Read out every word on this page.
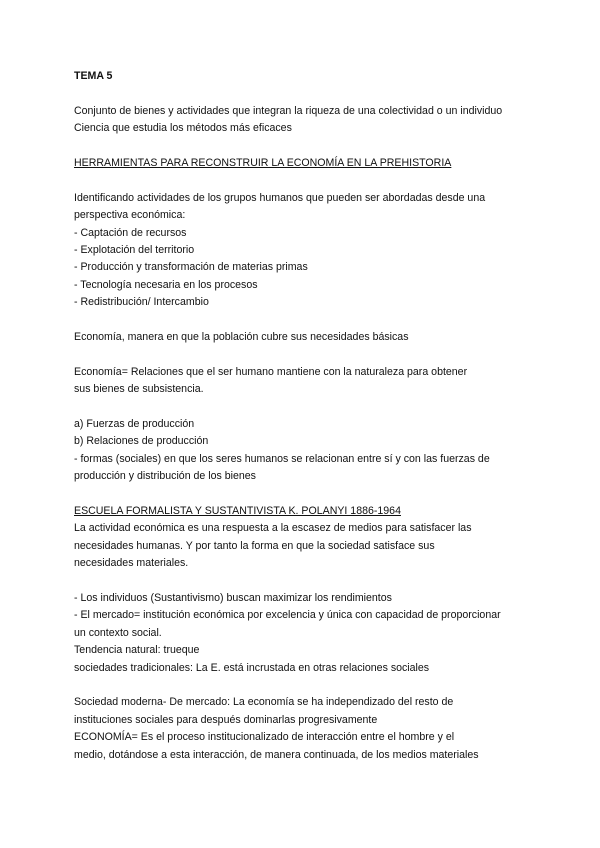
TEMA 5
Conjunto de bienes y actividades que integran la riqueza de una colectividad o un individuo
Ciencia que estudia los métodos más eficaces
HERRAMIENTAS PARA RECONSTRUIR LA ECONOMÍA EN LA PREHISTORIA
Identificando actividades de los grupos humanos que pueden ser abordadas desde una
perspectiva económica:
- Captación de recursos
- Explotación del territorio
- Producción y transformación de materias primas
- Tecnología necesaria en los procesos
- Redistribución/ Intercambio
Economía, manera en que la población cubre sus necesidades básicas
Economía= Relaciones que el ser humano mantiene con la naturaleza para obtener
sus bienes de subsistencia.
a) Fuerzas de producción
b) Relaciones de producción
- formas (sociales) en que los seres humanos se relacionan entre sí y con las fuerzas de
producción y distribución de los bienes
ESCUELA FORMALISTA Y SUSTANTIVISTA K. POLANYI 1886-1964
La actividad económica es una respuesta a la escasez de medios para satisfacer las
necesidades humanas. Y por tanto la forma en que la sociedad satisface sus
necesidades materiales.
- Los individuos (Sustantivismo) buscan maximizar los rendimientos
- El mercado= institución económica por excelencia y única con capacidad de proporcionar
un contexto social.
Tendencia natural: trueque
sociedades tradicionales: La E. está incrustada en otras relaciones sociales
Sociedad moderna- De mercado: La economía se ha independizado del resto de
instituciones sociales para después dominarlas progresivamente
ECONOMÍA= Es el proceso institucionalizado de interacción entre el hombre y el
medio, dotándose a esta interacción, de manera continuada, de los medios materiales
